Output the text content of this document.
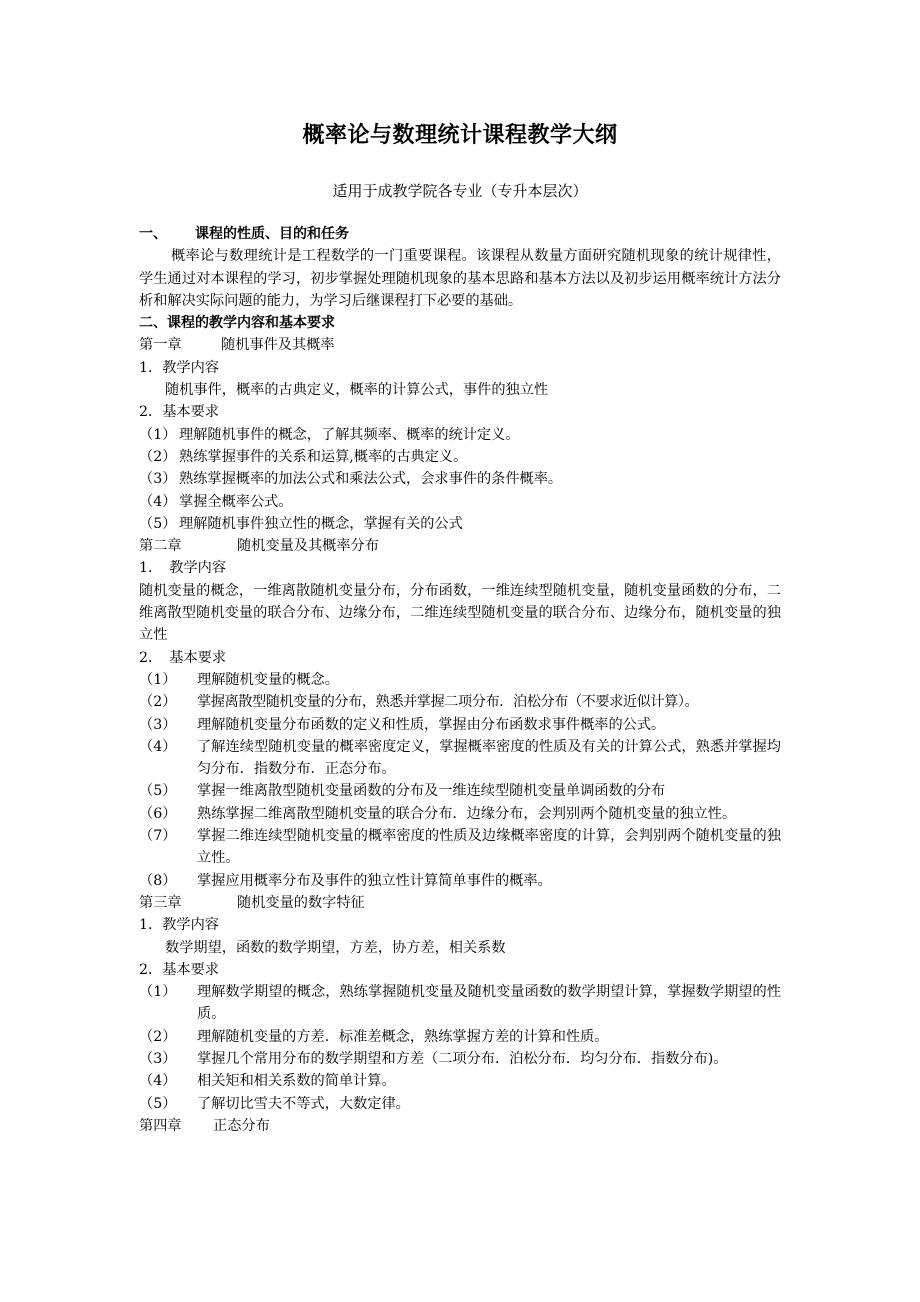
概率论与数理统计课程教学大纲
适用于成教学院各专业（专升本层次）
一、 课程的性质、目的和任务
概率论与数理统计是工程数学的一门重要课程。该课程从数量方面研究随机现象的统计规律性，学生通过对本课程的学习，初步掌握处理随机现象的基本思路和基本方法以及初步运用概率统计方法分析和解决实际问题的能力，为学习后继课程打下必要的基础。
二、课程的教学内容和基本要求
第一章	随机事件及其概率
1．教学内容
随机事件，概率的古典定义，概率的计算公式，事件的独立性
2．基本要求
（1） 理解随机事件的概念，了解其频率、概率的统计定义。
（2） 熟练掌握事件的关系和运算,概率的古典定义。
（3） 熟练掌握概率的加法公式和乘法公式，会求事件的条件概率。
（4） 掌握全概率公式。
（5） 理解随机事件独立性的概念，掌握有关的公式
第二章	随机变量及其概率分布
1．　教学内容
随机变量的概念，一维离散随机变量分布，分布函数，一维连续型随机变量，随机变量函数的分布，二维离散型随机变量的联合分布、边缘分布，二维连续型随机变量的联合分布、边缘分布，随机变量的独立性
2．　基本要求
（1）	理解随机变量的概念。
（2）	掌握离散型随机变量的分布，熟悉并掌握二项分布．泊松分布（不要求近似计算）。
（3）	理解随机变量分布函数的定义和性质，掌握由分布函数求事件概率的公式。
（4）	了解连续型随机变量的概率密度定义，掌握概率密度的性质及有关的计算公式，熟悉并掌握均匀分布．指数分布．正态分布。
（5）	掌握一维离散型随机变量函数的分布及一维连续型随机变量单调函数的分布
（6）	熟练掌握二维离散型随机变量的联合分布．边缘分布，会判别两个随机变量的独立性。
（7）	掌握二维连续型随机变量的概率密度的性质及边缘概率密度的计算，会判别两个随机变量的独立性。
（8）	掌握应用概率分布及事件的独立性计算简单事件的概率。
第三章	随机变量的数字特征
1．教学内容
数学期望，函数的数学期望，方差，协方差，相关系数
2．基本要求
（1）	理解数学期望的概念，熟练掌握随机变量及随机变量函数的数学期望计算，掌握数学期望的性质。
（2）	理解随机变量的方差．标准差概念，熟练掌握方差的计算和性质。
（3）	掌握几个常用分布的数学期望和方差（二项分布．泊松分布．均匀分布．指数分布)。
（4）	相关矩和相关系数的简单计算。
（5）	了解切比雪夫不等式，大数定律。
第四章 正态分布
